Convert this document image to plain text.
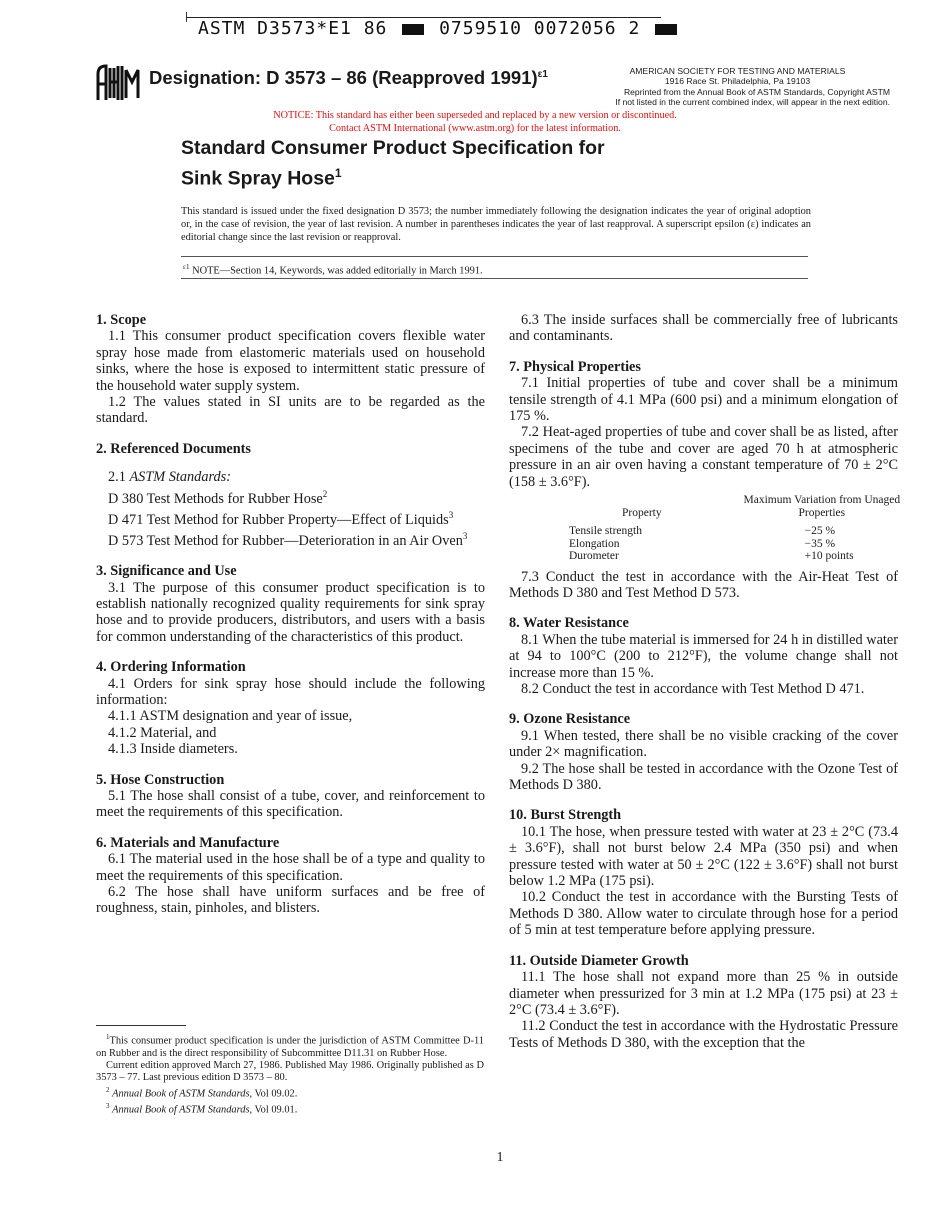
ASTM D3573*E1 86	0759510 0072056 2
Designation: D 3573 – 86 (Reapproved 1991)$^{\varepsilon 1}$	AMERICAN SOCIETY FOR TESTING AND MATERIALS
1916 Race St. Philadelphia, Pa 19103
Reprinted from the Annual Book of ASTM Standards, Copyright ASTM
If not listed in the current combined index, will appear in the next edition.
NOTICE: This standard has either been superseded and replaced by a new version or discontinued.
Contact ASTM International (www.astm.org) for the latest information.
Standard Consumer Product Specification for
Sink Spray Hose$^1$
This standard is issued under the fixed designation D 3573; the number immediately following the designation indicates the year of original adoption or, in the case of revision, the year of last revision. A number in parentheses indicates the year of last reapproval. A superscript epsilon (ε) indicates an editorial change since the last revision or reapproval.
$^{\varepsilon 1}$ NOTE—Section 14, Keywords, was added editorially in March 1991.
1. Scope

1.1 This consumer product specification covers flexible water spray hose made from elastomeric materials used on household sinks, where the hose is exposed to intermittent static pressure of the household water supply system.

1.2 The values stated in SI units are to be regarded as the standard.

2. Referenced Documents

2.1 ASTM Standards:

D 380 Test Methods for Rubber Hose$^2$

D 471 Test Method for Rubber Property—Effect of Liquids$^3$

D 573 Test Method for Rubber—Deterioration in an Air Oven$^3$

3. Significance and Use

3.1 The purpose of this consumer product specification is to establish nationally recognized quality requirements for sink spray hose and to provide producers, distributors, and users with a basis for common understanding of the characteristics of this product.

4. Ordering Information

4.1 Orders for sink spray hose should include the following information:

4.1.1 ASTM designation and year of issue,

4.1.2 Material, and

4.1.3 Inside diameters.

5. Hose Construction

5.1 The hose shall consist of a tube, cover, and reinforcement to meet the requirements of this specification.

6. Materials and Manufacture

6.1 The material used in the hose shall be of a type and quality to meet the requirements of this specification.

6.2 The hose shall have uniform surfaces and be free of roughness, stain, pinholes, and blisters.

6.3 The inside surfaces shall be commercially free of lubricants and contaminants.

7. Physical Properties

7.1 Initial properties of tube and cover shall be a minimum tensile strength of 4.1 MPa (600 psi) and a minimum elongation of 175 %.

7.2 Heat-aged properties of tube and cover shall be as listed, after specimens of the tube and cover are aged 70 h at atmospheric pressure in an air oven having a constant temperature of 70 ± 2°C (158 ± 3.6°F).

Property	Maximum Variation from Unaged Properties

Tensile strength	−25 %
Elongation	−35 %
Durometer	+10 points

7.3 Conduct the test in accordance with the Air-Heat Test of Methods D 380 and Test Method D 573.

8. Water Resistance

8.1 When the tube material is immersed for 24 h in distilled water at 94 to 100°C (200 to 212°F), the volume change shall not increase more than 15 %.

8.2 Conduct the test in accordance with Test Method D 471.

9. Ozone Resistance

9.1 When tested, there shall be no visible cracking of the cover under 2× magnification.

9.2 The hose shall be tested in accordance with the Ozone Test of Methods D 380.

10. Burst Strength

10.1 The hose, when pressure tested with water at 23 ± 2°C (73.4 ± 3.6°F), shall not burst below 2.4 MPa (350 psi) and when pressure tested with water at 50 ± 2°C (122 ± 3.6°F) shall not burst below 1.2 MPa (175 psi).

10.2 Conduct the test in accordance with the Bursting Tests of Methods D 380. Allow water to circulate through hose for a period of 5 min at test temperature before applying pressure.

11. Outside Diameter Growth

11.1 The hose shall not expand more than 25 % in outside diameter when pressurized for 3 min at 1.2 MPa (175 psi) at 23 ± 2°C (73.4 ± 3.6°F).

11.2 Conduct the test in accordance with the Hydrostatic Pressure Tests of Methods D 380, with the exception that the

$^1$This consumer product specification is under the jurisdiction of ASTM Committee D-11 on Rubber and is the direct responsibility of Subcommittee D11.31 on Rubber Hose.

Current edition approved March 27, 1986. Published May 1986. Originally published as D 3573 – 77. Last previous edition D 3573 – 80.

$^2$ Annual Book of ASTM Standards, Vol 09.02.

$^3$ Annual Book of ASTM Standards, Vol 09.01.

1
